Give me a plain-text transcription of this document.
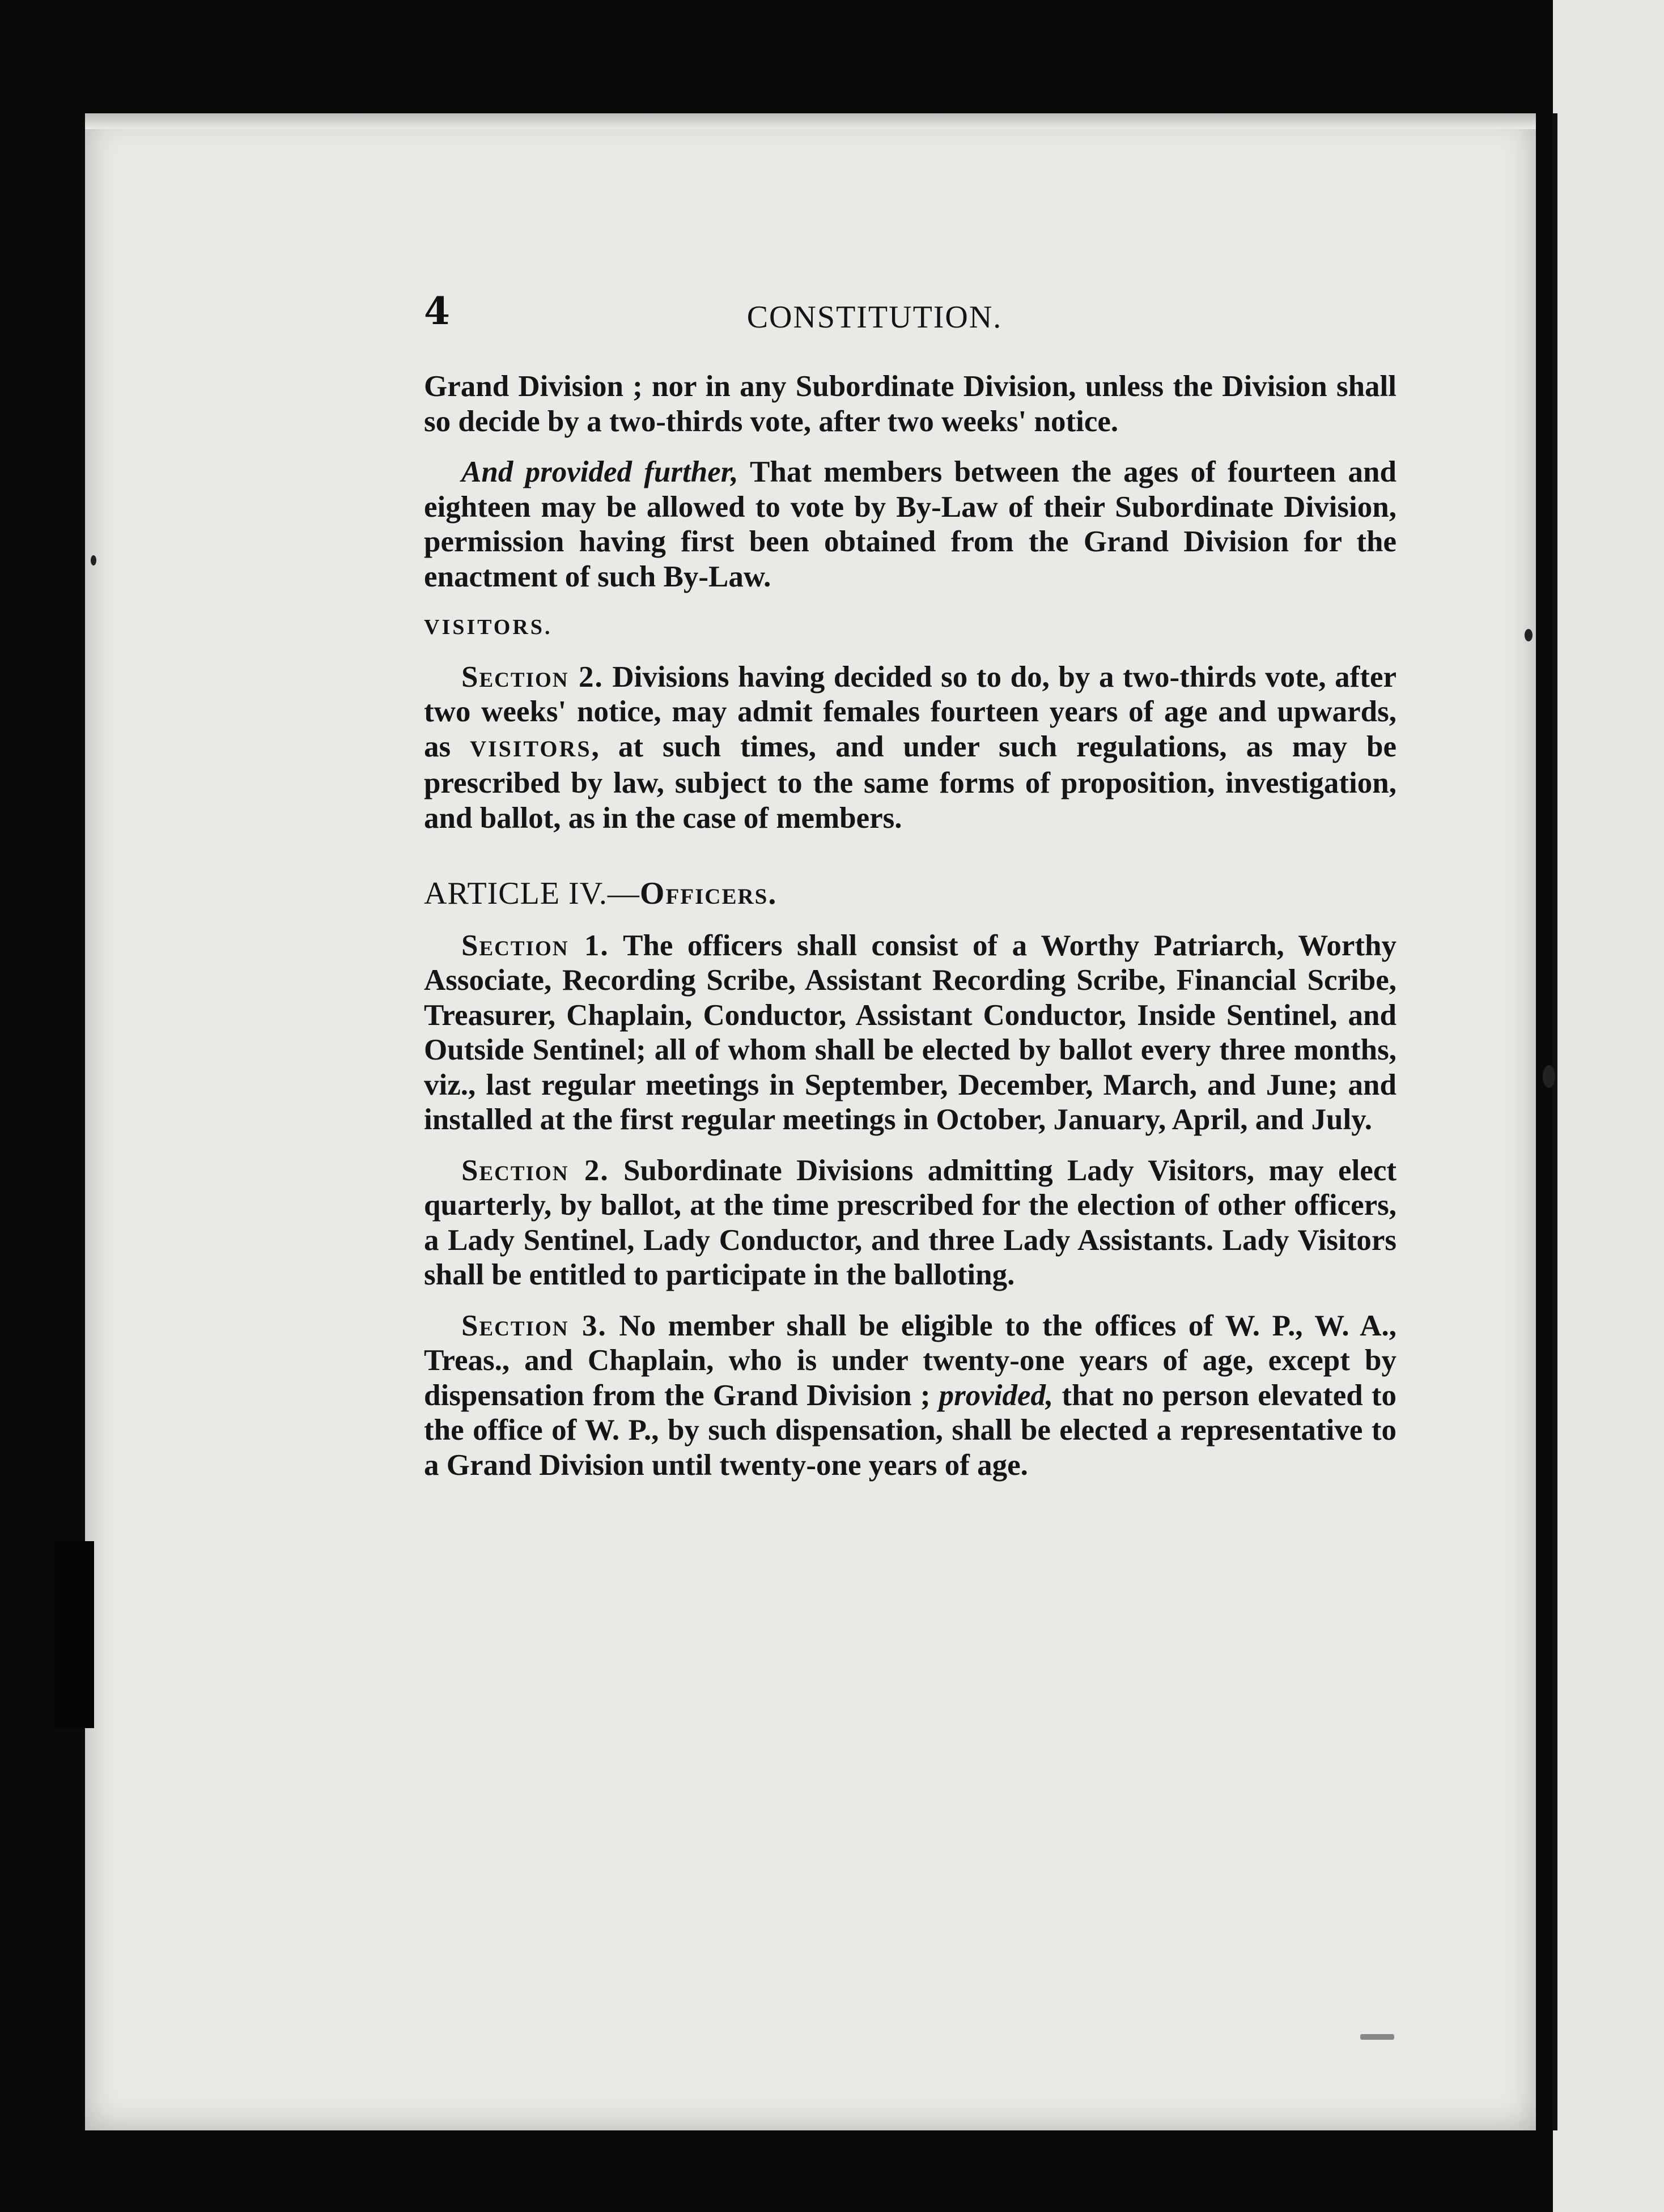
4	CONSTITUTION.

Grand Division ; nor in any Subordinate Division, unless the Division shall so decide by a two-thirds vote, after two weeks' notice.

And provided further, That members between the ages of fourteen and eighteen may be allowed to vote by By-Law of their Subordinate Division, permission having first been obtained from the Grand Division for the enactment of such By-Law.

VISITORS.

Section 2. Divisions having decided so to do, by a two-thirds vote, after two weeks' notice, may admit females fourteen years of age and upwards, as VISITORS, at such times, and under such regulations, as may be prescribed by law, subject to the same forms of proposition, investigation, and ballot, as in the case of members.

ARTICLE IV.—Officers.

Section 1. The officers shall consist of a Worthy Patriarch, Worthy Associate, Recording Scribe, Assistant Recording Scribe, Financial Scribe, Treasurer, Chaplain, Conductor, Assistant Conductor, Inside Sentinel, and Outside Sentinel; all of whom shall be elected by ballot every three months, viz., last regular meetings in September, December, March, and June; and installed at the first regular meetings in October, January, April, and July.

Section 2. Subordinate Divisions admitting Lady Visitors, may elect quarterly, by ballot, at the time prescribed for the election of other officers, a Lady Sentinel, Lady Conductor, and three Lady Assistants. Lady Visitors shall be entitled to participate in the balloting.

Section 3. No member shall be eligible to the offices of W. P., W. A., Treas., and Chaplain, who is under twenty-one years of age, except by dispensation from the Grand Division ; provided, that no person elevated to the office of W. P., by such dispensation, shall be elected a representative to a Grand Division until twenty-one years of age.
